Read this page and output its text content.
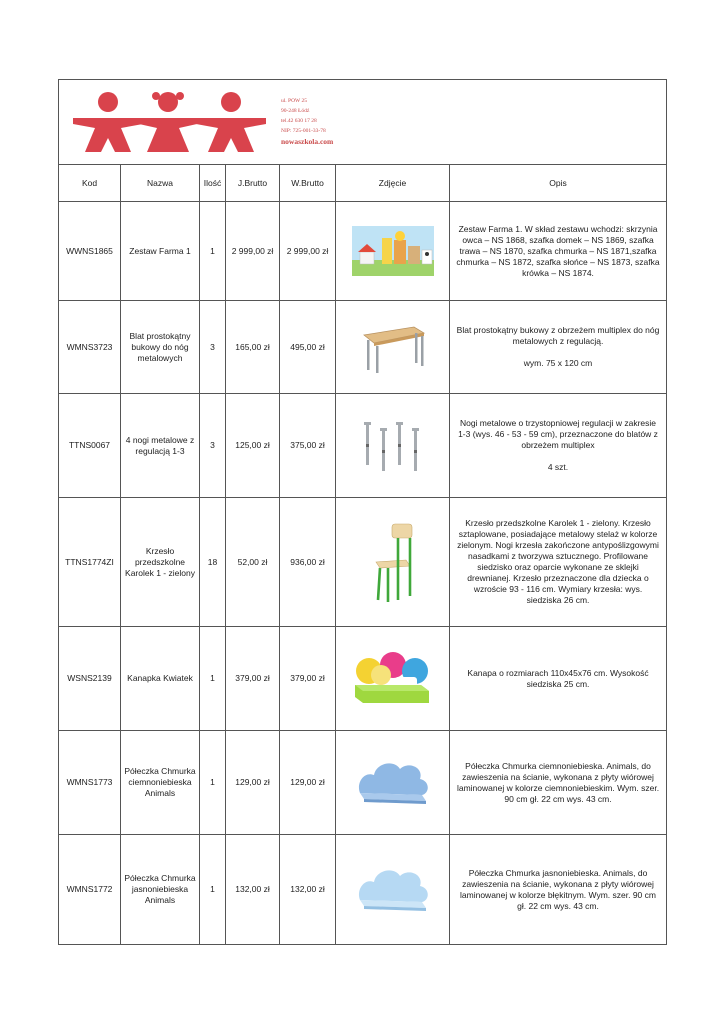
ul. POW 25
90-248 Łódź
tel.42 630 17 28
NIP: 725-001-33-78
nowaszkola.com						

Kod	Nazwa	Ilość	J.Brutto	W.Brutto	Zdjęcie	Opis
WWNS1865	Zestaw Farma 1	1	2 999,00 zł	2 999,00 zł		Zestaw Farma 1. W skład zestawu wchodzi: skrzynia owca – NS 1868, szafka domek – NS 1869, szafka trawa – NS 1870, szafka chmurka – NS 1871,szafka chmurka – NS 1872, szafka słońce – NS 1873, szafka krówka – NS 1874.

WMNS3723	Blat prostokątny bukowy do nóg metalowych	3	165,00 zł	495,00 zł		Blat prostokątny bukowy z obrzeżem multiplex do nóg metalowych z regulacją.

wym. 75 x 120 cm

TTNS0067	4 nogi metalowe z regulacją 1-3	3	125,00 zł	375,00 zł		Nogi metalowe o trzystopniowej regulacji w zakresie 1-3 (wys. 46 - 53 - 59 cm), przeznaczone do blatów z obrzeżem multiplex

4 szt.

TTNS1774ZI	Krzesło przedszkolne Karolek 1 - zielony	18	52,00 zł	936,00 zł		Krzesło przedszkolne Karolek 1 - zielony. Krzesło sztaplowane, posiadające metalowy stelaż w kolorze zielonym. Nogi krzesła zakończone antypoślizgowymi nasadkami z tworzywa sztucznego. Profilowane siedzisko oraz oparcie wykonane ze sklejki drewnianej. Krzesło przeznaczone dla dziecka o wzroście 93 - 116 cm. Wymiary krzesła: wys. siedziska 26 cm.

WSNS2139	Kanapka Kwiatek	1	379,00 zł	379,00 zł		Kanapa o rozmiarach 110x45x76 cm. Wysokość siedziska 25 cm.

WMNS1773	Półeczka Chmurka ciemnoniebieska Animals	1	129,00 zł	129,00 zł		Półeczka Chmurka ciemnoniebieska. Animals, do zawieszenia na ścianie, wykonana z płyty wiórowej laminowanej w kolorze ciemnoniebieskim. Wym. szer. 90 cm gł. 22 cm wys. 43 cm.

WMNS1772	Półeczka Chmurka jasnoniebieska Animals	1	132,00 zł	132,00 zł		Półeczka Chmurka jasnoniebieska. Animals, do zawieszenia na ścianie, wykonana z płyty wiórowej laminowanej w kolorze błękitnym. Wym. szer. 90 cm gł. 22 cm wys. 43 cm.
